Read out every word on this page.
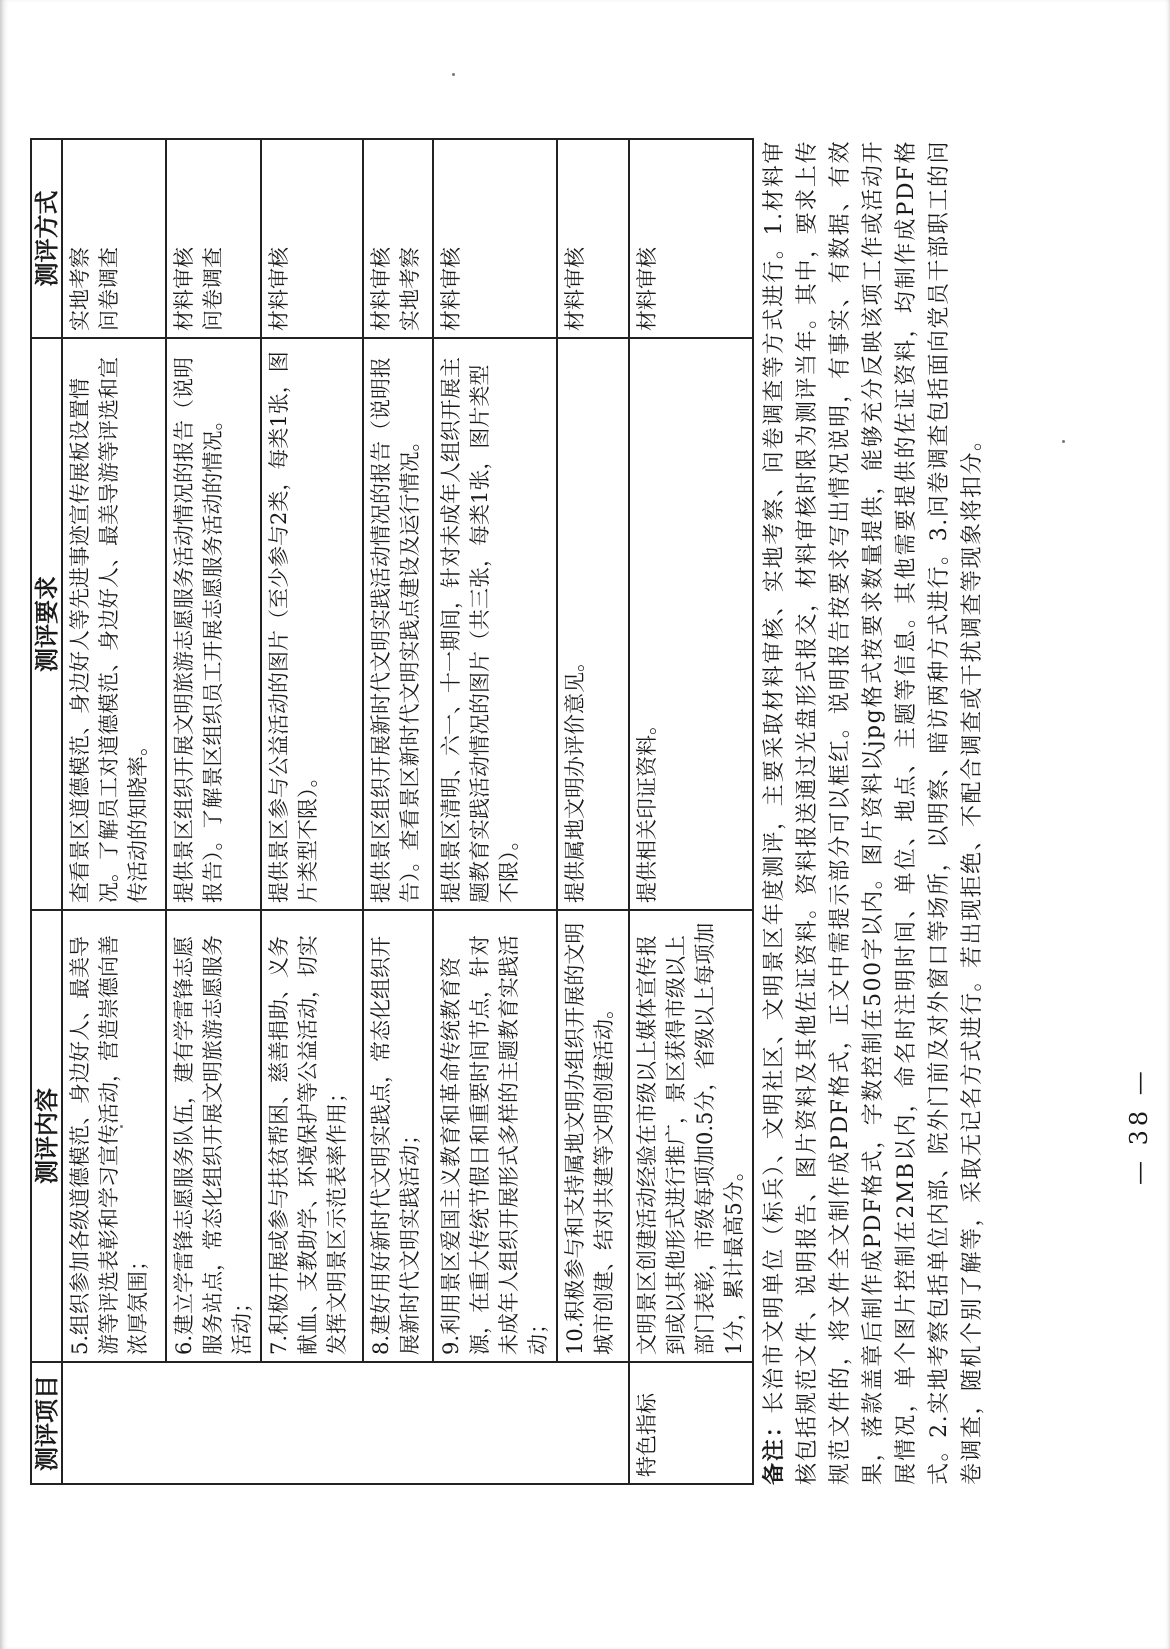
测评项目	测评内容	测评要求	测评方式
	5.组织参加各级道德模范、身边好人、最美导游等评选表彰和学习宣传活动，营造崇德向善浓厚氛围；	查看景区道德模范、身边好人等先进事迹宣传展板设置情况。了解员工对道德模范、身边好人、最美导游等评选和宣传活动的知晓率。	实地考察
问卷调查
	6.建立学雷锋志愿服务队伍，建有学雷锋志愿服务站点，常态化组织开展文明旅游志愿服务活动；	提供景区组织开展文明旅游志愿服务活动情况的报告（说明报告）。了解景区组织员工开展志愿服务活动的情况。	材料审核
问卷调查
	7.积极开展或参与扶贫帮困、慈善捐助、义务献血、支教助学、环境保护等公益活动，切实发挥文明景区示范表率作用；	提供景区参与公益活动的图片（至少参与2类，每类1张，图片类型不限）。	材料审核
	8.建好用好新时代文明实践点，常态化组织开展新时代文明实践活动；	提供景区组织开展新时代文明实践活动情况的报告（说明报告）。查看景区新时代文明实践点建设及运行情况。	材料审核
实地考察
	9.利用景区爱国主义教育和革命传统教育资源，在重大传统节假日和重要时间节点，针对未成年人组织开展形式多样的主题教育实践活动；	提供景区清明、六一、十一期间，针对未成年人组织开展主题教育实践活动情况的图片（共三张，每类1张，图片类型不限）。	材料审核
	10.积极参与和支持属地文明办组织开展的文明城市创建、结对共建等文明创建活动。	提供属地文明办评价意见。	材料审核
特色指标	文明景区创建活动经验在市级以上媒体宣传报到或以其他形式进行推广，景区获得市级以上部门表彰，市级每项加0.5分，省级以上每项加1分，累计最高5分。	提供相关印证资料。	材料审核
备注：长治市文明单位（标兵）、文明社区、文明景区年度测评，主要采取材料审核、实地考察、问卷调查等方式进行。1.材料审核包括规范文件、说明报告、图片资料及其他佐证资料。资料报送通过光盘形式报交，材料审核时限为测评当年。其中，要求上传规范文件的，将文件全文制作成PDF格式，正文中需提示部分可以框红。说明报告按要求写出情况说明，有事实、有数据、有效果，落款盖章后制作成PDF格式，字数控制在500字以内。图片资料以jpg格式按要求数量提供，能够充分反映该项工作或活动开展情况，单个图片控制在2MB以内，命名时注明时间、单位、地点、主题等信息。其他需要提供的佐证资料，均制作成PDF格式。2.实地考察包括单位内部、院外门前及对外窗口等场所，以明察、暗访两种方式进行。3.问卷调查包括面向党员干部职工的问卷调查，随机个别了解等，采取无记名方式进行。若出现拒绝、不配合调查或干扰调查等现象将扣分。	— 38 —
